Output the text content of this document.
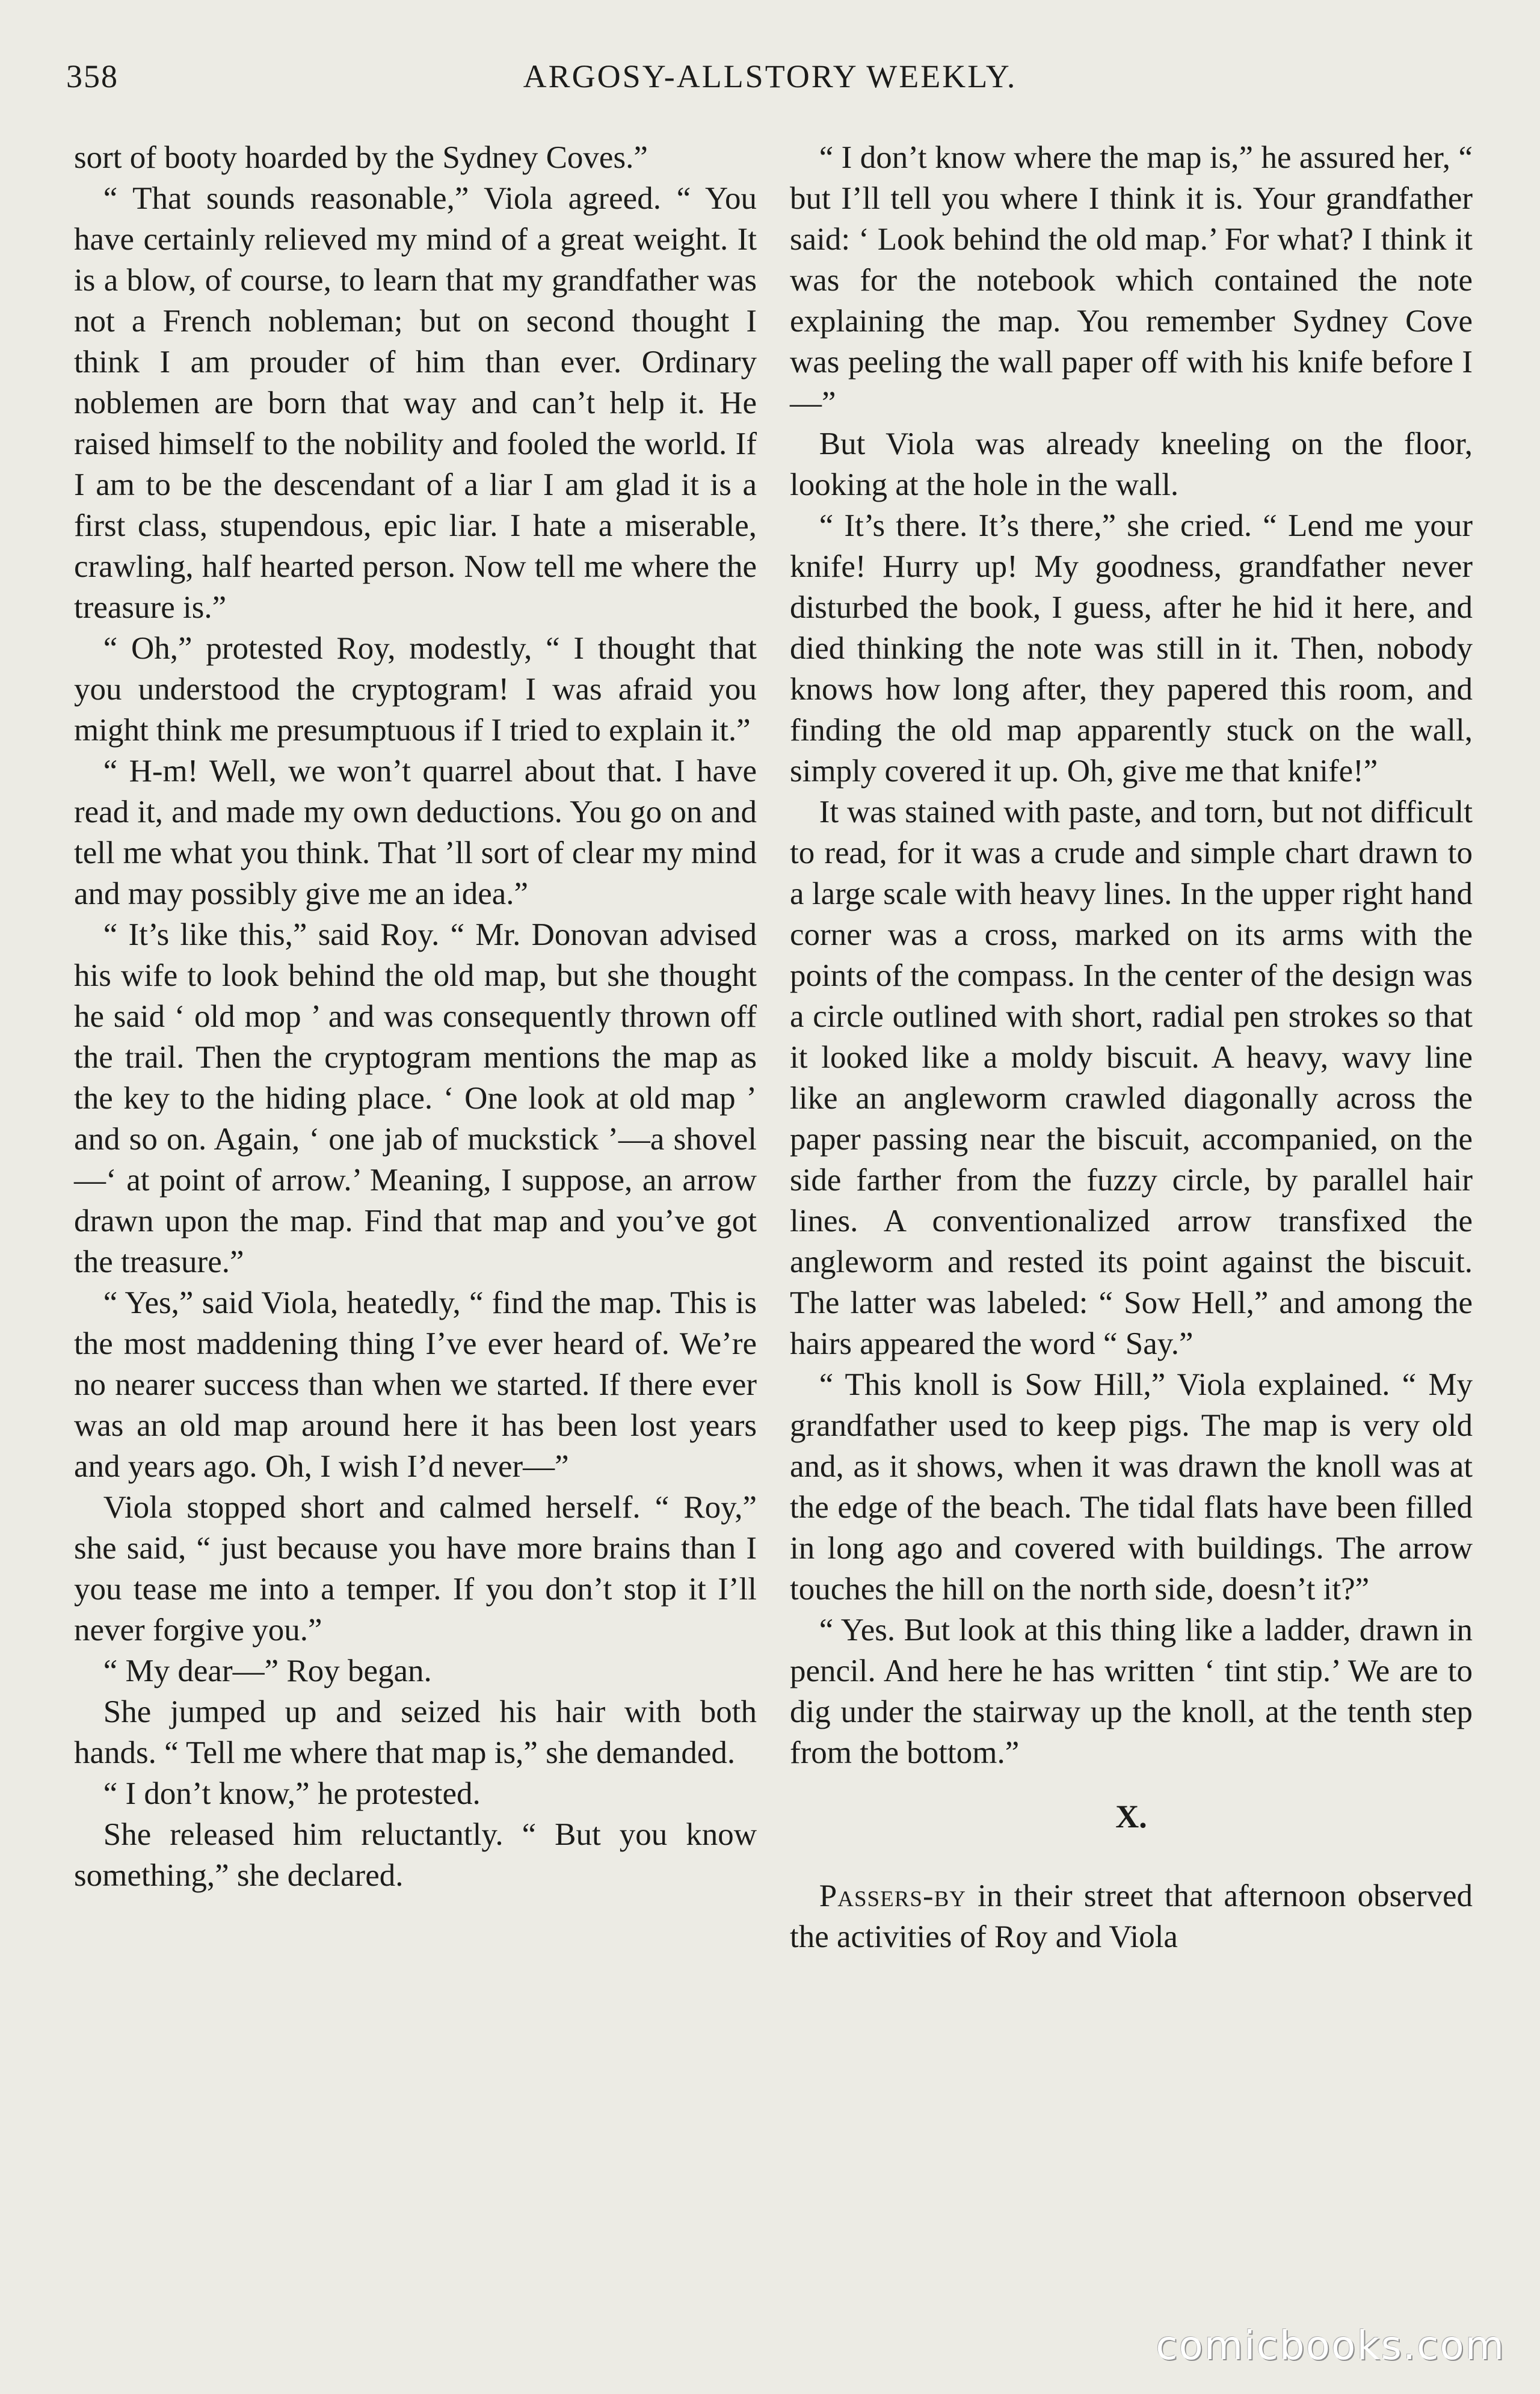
358	ARGOSY-ALLSTORY WEEKLY.

sort of booty hoarded by the Sydney Coves.”

“ That sounds reasonable,” Viola agreed. “ You have certainly relieved my mind of a great weight. It is a blow, of course, to learn that my grandfather was not a French nobleman; but on second thought I think I am prouder of him than ever. Ordinary noblemen are born that way and can’t help it. He raised himself to the nobility and fooled the world. If I am to be the descendant of a liar I am glad it is a first class, stupendous, epic liar. I hate a miserable, crawling, half hearted person. Now tell me where the treasure is.”

“ Oh,” protested Roy, modestly, “ I thought that you understood the cryptogram! I was afraid you might think me presumptuous if I tried to explain it.”

“ H-m! Well, we won’t quarrel about that. I have read it, and made my own deductions. You go on and tell me what you think. That ’ll sort of clear my mind and may possibly give me an idea.”

“ It’s like this,” said Roy. “ Mr. Donovan advised his wife to look behind the old map, but she thought he said ‘ old mop ’ and was consequently thrown off the trail. Then the cryptogram mentions the map as the key to the hiding place. ‘ One look at old map ’ and so on. Again, ‘ one jab of muckstick ’—a shovel—‘ at point of arrow.’ Meaning, I suppose, an arrow drawn upon the map. Find that map and you’ve got the treasure.”

“ Yes,” said Viola, heatedly, “ find the map. This is the most maddening thing I’ve ever heard of. We’re no nearer success than when we started. If there ever was an old map around here it has been lost years and years ago. Oh, I wish I’d never—”

Viola stopped short and calmed herself. “ Roy,” she said, “ just because you have more brains than I you tease me into a temper. If you don’t stop it I’ll never forgive you.”

“ My dear—” Roy began.

She jumped up and seized his hair with both hands. “ Tell me where that map is,” she demanded.

“ I don’t know,” he protested.

She released him reluctantly. “ But you know something,” she declared.

“ I don’t know where the map is,” he assured her, “ but I’ll tell you where I think it is. Your grandfather said: ‘ Look behind the old map.’ For what? I think it was for the notebook which contained the note explaining the map. You remember Sydney Cove was peeling the wall paper off with his knife before I—”

But Viola was already kneeling on the floor, looking at the hole in the wall.

“ It’s there. It’s there,” she cried. “ Lend me your knife! Hurry up! My goodness, grandfather never disturbed the book, I guess, after he hid it here, and died thinking the note was still in it. Then, nobody knows how long after, they papered this room, and finding the old map apparently stuck on the wall, simply covered it up. Oh, give me that knife!”

It was stained with paste, and torn, but not difficult to read, for it was a crude and simple chart drawn to a large scale with heavy lines. In the upper right hand corner was a cross, marked on its arms with the points of the compass. In the center of the design was a circle outlined with short, radial pen strokes so that it looked like a moldy biscuit. A heavy, wavy line like an angleworm crawled diagonally across the paper passing near the biscuit, accompanied, on the side farther from the fuzzy circle, by parallel hair lines. A conventionalized arrow transfixed the angleworm and rested its point against the biscuit. The latter was labeled: “ Sow Hell,” and among the hairs appeared the word “ Say.”

“ This knoll is Sow Hill,” Viola explained. “ My grandfather used to keep pigs. The map is very old and, as it shows, when it was drawn the knoll was at the edge of the beach. The tidal flats have been filled in long ago and covered with buildings. The arrow touches the hill on the north side, doesn’t it?”

“ Yes. But look at this thing like a ladder, drawn in pencil. And here he has written ‘ tint stip.’ We are to dig under the stairway up the knoll, at the tenth step from the bottom.”

X.

Passers-by in their street that afternoon observed the activities of Roy and Viola

comicbooks.com
